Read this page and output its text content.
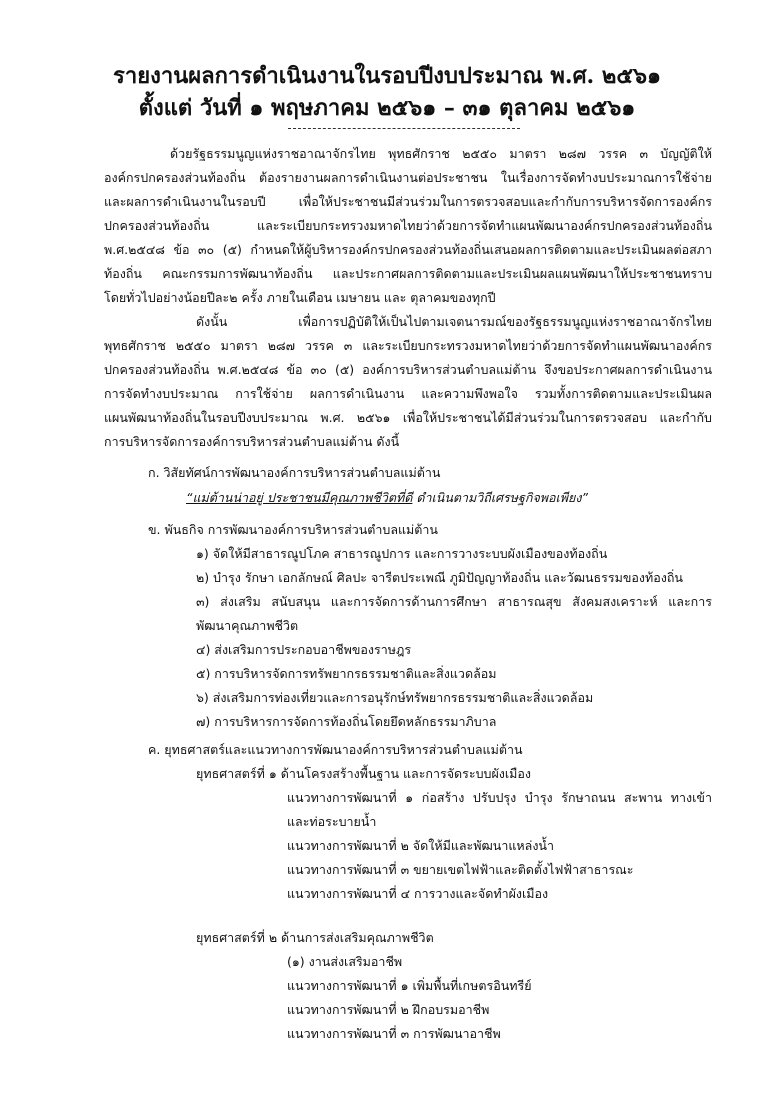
รายงานผลการดำเนินงานในรอบปีงบประมาณ พ.ศ. ๒๕๖๑
ตั้งแต่ วันที่ ๑ พฤษภาคม ๒๕๖๑ – ๓๑ ตุลาคม ๒๕๖๑
ด้วยรัฐธรรมนูญแห่งราชอาณาจักรไทย พุทธศักราช ๒๕๕๐ มาตรา ๒๘๗ วรรค ๓ บัญญัติให้
องค์กรปกครองส่วนท้องถิ่น ต้องรายงานผลการดำเนินงานต่อประชาชน ในเรื่องการจัดทำงบประมาณการใช้จ่าย
และผลการดำเนินงานในรอบปี เพื่อให้ประชาชนมีส่วนร่วมในการตรวจสอบและกำกับการบริหารจัดการองค์กร
ปกครองส่วนท้องถิ่น และระเบียบกระทรวงมหาดไทยว่าด้วยการจัดทำแผนพัฒนาองค์กรปกครองส่วนท้องถิ่น
พ.ศ.๒๕๔๘ ข้อ ๓๐ (๕) กำหนดให้ผู้บริหารองค์กรปกครองส่วนท้องถิ่นเสนอผลการติดตามและประเมินผลต่อสภา
ท้องถิ่น คณะกรรมการพัฒนาท้องถิ่น และประกาศผลการติดตามและประเมินผลแผนพัฒนาให้ประชาชนทราบ
โดยทั่วไปอย่างน้อยปีละ๒ ครั้ง ภายในเดือน เมษายน และ ตุลาคมของทุกปี
ดังนั้น เพื่อการปฏิบัติให้เป็นไปตามเจตนารมณ์ของรัฐธรรมนูญแห่งราชอาณาจักรไทย
พุทธศักราช ๒๕๕๐ มาตรา ๒๘๗ วรรค ๓ และระเบียบกระทรวงมหาดไทยว่าด้วยการจัดทำแผนพัฒนาองค์กร
ปกครองส่วนท้องถิ่น พ.ศ.๒๕๔๘ ข้อ ๓๐ (๕) องค์การบริหารส่วนตำบลแม่ต้าน จึงขอประกาศผลการดำเนินงาน
การจัดทำงบประมาณ การใช้จ่าย ผลการดำเนินงาน และความพึงพอใจ รวมทั้งการติดตามและประเมินผล
แผนพัฒนาท้องถิ่นในรอบปีงบประมาณ พ.ศ. ๒๕๖๑ เพื่อให้ประชาชนได้มีส่วนร่วมในการตรวจสอบ และกำกับ
การบริหารจัดการองค์การบริหารส่วนตำบลแม่ต้าน ดังนี้
ก. วิสัยทัศน์การพัฒนาองค์การบริหารส่วนตำบลแม่ต้าน
“แม่ต้านน่าอยู่ ประชาชนมีคุณภาพชีวิตที่ดี ดำเนินตามวิถีเศรษฐกิจพอเพียง”
ข. พันธกิจ การพัฒนาองค์การบริหารส่วนตำบลแม่ต้าน
๑) จัดให้มีสาธารณูปโภค สาธารณูปการ และการวางระบบผังเมืองของท้องถิ่น
๒) บำรุง รักษา เอกลักษณ์ ศิลปะ จารีตประเพณี ภูมิปัญญาท้องถิ่น และวัฒนธรรมของท้องถิ่น
๓) ส่งเสริม สนับสนุน และการจัดการด้านการศึกษา สาธารณสุข สังคมสงเคราะห์ และการ
พัฒนาคุณภาพชีวิต
๔) ส่งเสริมการประกอบอาชีพของราษฎร
๕) การบริหารจัดการทรัพยากรธรรมชาติและสิ่งแวดล้อม
๖) ส่งเสริมการท่องเที่ยวและการอนุรักษ์ทรัพยากรธรรมชาติและสิ่งแวดล้อม
๗) การบริหารการจัดการท้องถิ่นโดยยึดหลักธรรมาภิบาล
ค. ยุทธศาสตร์และแนวทางการพัฒนาองค์การบริหารส่วนตำบลแม่ต้าน
ยุทธศาสตร์ที่ ๑ ด้านโครงสร้างพื้นฐาน และการจัดระบบผังเมือง
แนวทางการพัฒนาที่ ๑ ก่อสร้าง ปรับปรุง บำรุง รักษาถนน สะพาน ทางเข้า
และท่อระบายน้ำ
แนวทางการพัฒนาที่ ๒ จัดให้มีและพัฒนาแหล่งน้ำ
แนวทางการพัฒนาที่ ๓ ขยายเขตไฟฟ้าและติดตั้งไฟฟ้าสาธารณะ
แนวทางการพัฒนาที่ ๔ การวางและจัดทำผังเมือง
ยุทธศาสตร์ที่ ๒ ด้านการส่งเสริมคุณภาพชีวิต
(๑) งานส่งเสริมอาชีพ
แนวทางการพัฒนาที่ ๑ เพิ่มพื้นที่เกษตรอินทรีย์
แนวทางการพัฒนาที่ ๒ ฝึกอบรมอาชีพ
แนวทางการพัฒนาที่ ๓ การพัฒนาอาชีพ
